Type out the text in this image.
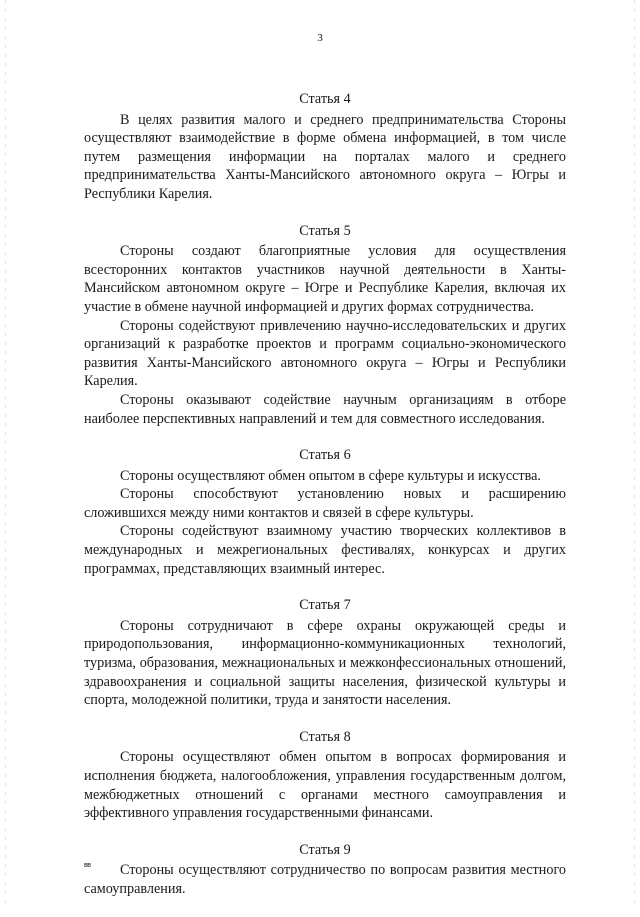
3
Статья 4

В целях развития малого и среднего предпринимательства Стороны осуществляют взаимодействие в форме обмена информацией, в том числе путем размещения информации на порталах малого и среднего предпринимательства Ханты-Мансийского автономного округа – Югры и Республики Карелия.

Статья 5

Стороны создают благоприятные условия для осуществления всесторонних контактов участников научной деятельности в Ханты-Мансийском автономном округе – Югре и Республике Карелия, включая их участие в обмене научной информацией и других формах сотрудничества.

Стороны содействуют привлечению научно-исследовательских и других организаций к разработке проектов и программ социально-экономического развития Ханты-Мансийского автономного округа – Югры и Республики Карелия.

Стороны оказывают содействие научным организациям в отборе наиболее перспективных направлений и тем для совместного исследования.

Статья 6

Стороны осуществляют обмен опытом в сфере культуры и искусства.

Стороны способствуют установлению новых и расширению сложившихся между ними контактов и связей в сфере культуры.

Стороны содействуют взаимному участию творческих коллективов в международных и межрегиональных фестивалях, конкурсах и других программах, представляющих взаимный интерес.

Статья 7

Стороны сотрудничают в сфере охраны окружающей среды и природопользования, информационно-коммуникационных технологий, туризма, образования, межнациональных и межконфессиональных отношений, здравоохранения и социальной защиты населения, физической культуры и спорта, молодежной политики, труда и занятости населения.

Статья 8

Стороны осуществляют обмен опытом в вопросах формирования и исполнения бюджета, налогообложения, управления государственным долгом, межбюджетных отношений с органами местного самоуправления и эффективного управления государственными финансами.

Статья 9

Стороны осуществляют сотрудничество по вопросам развития местного самоуправления.

вв
